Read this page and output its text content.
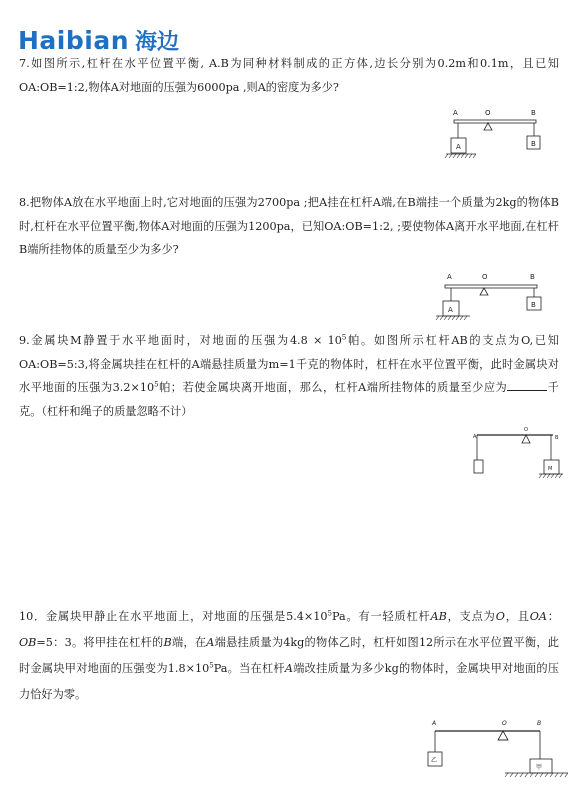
Haibian 海边
7.如图所示,杠杆在水平位置平衡, A.B为同种材料制成的正方体,边长分别为0.2m和0.1m，且已知OA:OB=1:2,物体A对地面的压强为6000pa ,则A的密度为多少?
A	O	B
A	B
8.把物体A放在水平地面上时,它对地面的压强为2700pa ;把A挂在杠杆A端,在B端挂一个质量为2kg的物体B时,杠杆在水平位置平衡,物体A对地面的压强为1200pa，已知OA:OB=1:2, ;要使物体A离开水平地面,在杠杆B端所挂物体的质量至少为多少?
A	O	B
A
B
9.金属块M静置于水平地面时，对地面的压强为$4.8 \times 10^5$帕。如图所示杠杆AB的支点为O,已知OA:OB=5:3,将金属块挂在杠杆的A端悬挂质量为m=1千克的物体时，杠杆在水平位置平衡，此时金属块对水平地面的压强为$3.2\times 10^5$帕；若使金属块离开地面，那么，杠杆A端所挂物体的质量至少应为	千克。（杠杆和绳子的质量忽略不计）
A
O
B
M
10．金属块甲静止在水平地面上，对地面的压强是$5.4\times 10^5Pa$。有一轻质杠杆AB，支点为O，且OA：OB=5：3。将甲挂在杠杆的B端，在A端悬挂质量为4kg的物体乙时，杠杆如图12所示在水平位置平衡，此时金属块甲对地面的压强变为$1.8\times 10^5Pa$。当在杠杆A端改挂质量为多少kg的物体时，金属块甲对地面的压力恰好为零。
A	O	B
乙
甲
